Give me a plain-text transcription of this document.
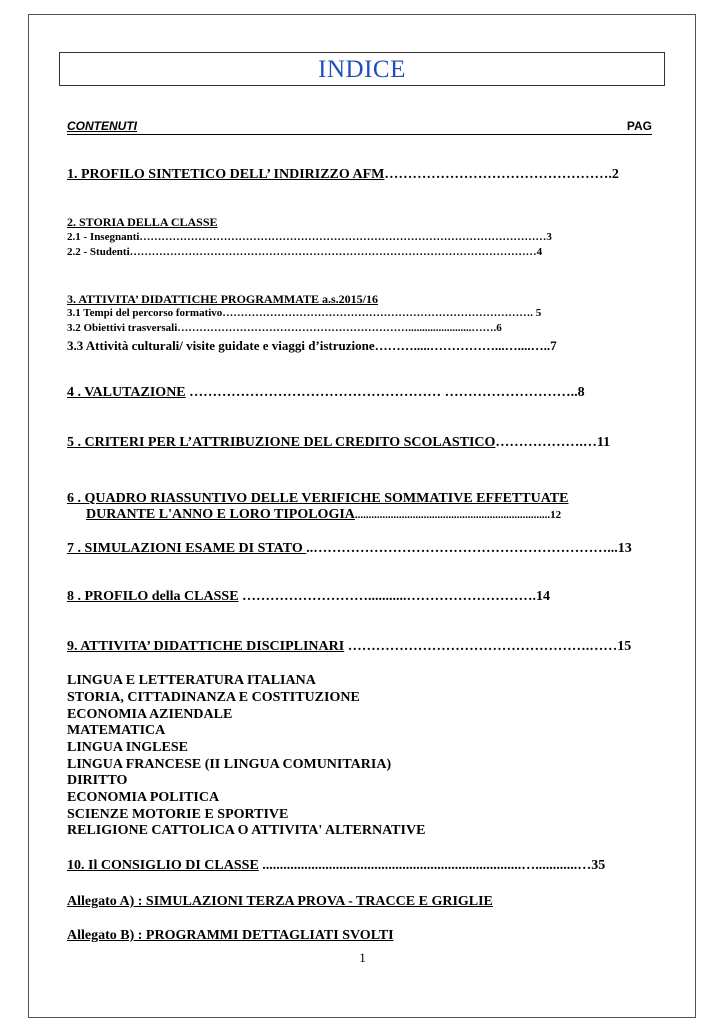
INDICE
CONTENUTI	PAG
1. PROFILO SINTETICO DELL’ INDIRIZZO AFM………………………………………….2
2. STORIA DELLA CLASSE
2.1 - Insegnanti…………………………………………………………………………………………………3
2.2 - Studenti…………………………………………………………………………………………………4
3. ATTIVITA’ DIDATTICHE PROGRAMMATE a.s.2015/16
3.1 Tempi del percorso formativo…………………………………………………………………………. 5
3.2 Obiettivi trasversali……………………………………………………….......................…….6
3.3 Attività culturali/ visite guidate e viaggi d’istruzione……….....……………...…....…..7
4 . VALUTAZIONE ……………………………………………… ………………………..8
5 . CRITERI PER L’ATTRIBUZIONE DEL CREDITO SCOLASTICO……………….…11
6 . QUADRO RIASSUNTIVO DELLE VERIFICHE SOMMATIVE EFFETTUATE
DURANTE L'ANNO E LORO TIPOLOGIA.......................................................................12
7 . SIMULAZIONI ESAME DI STATO ..………………………………………………………...13
8 . PROFILO della CLASSE ………………………...........……………………….14
9. ATTIVITA’ DIDATTICHE DISCIPLINARI …………………………………………….……15
LINGUA E LETTERATURA ITALIANA
STORIA, CITTADINANZA E COSTITUZIONE
ECONOMIA AZIENDALE
MATEMATICA
LINGUA INGLESE
LINGUA FRANCESE (II LINGUA COMUNITARIA)
DIRITTO
ECONOMIA POLITICA
SCIENZE MOTORIE E SPORTIVE
RELIGIONE CATTOLICA O ATTIVITA' ALTERNATIVE
10. Il CONSIGLIO DI CLASSE ..........................................................................…............…35
Allegato A) : SIMULAZIONI TERZA PROVA - TRACCE E GRIGLIE
Allegato B) : PROGRAMMI DETTAGLIATI SVOLTI
1
